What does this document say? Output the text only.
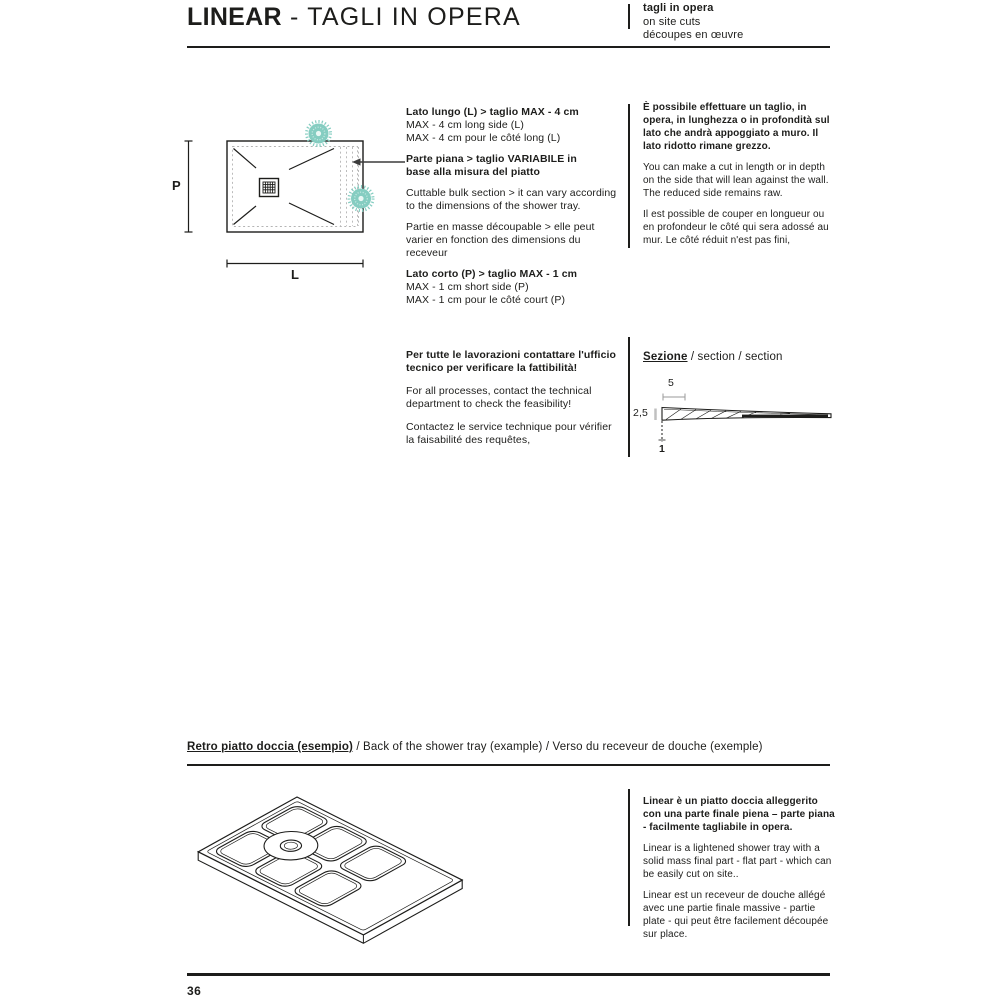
LINEAR - TAGLI IN OPERA	tagli in opera
on site cuts
découpes en œuvre
P
L
Lato lungo (L) > taglio MAX - 4 cm
MAX - 4 cm long side (L)
MAX - 4 cm pour le côté long (L)

Parte piana > taglio VARIABILE in base alla misura del piatto

Cuttable bulk section > it can vary according to the dimensions of the shower tray.

Partie en masse découpable > elle peut varier en fonction des dimensions du receveur

Lato corto (P) > taglio MAX - 1 cm
MAX - 1 cm short side (P)
MAX - 1 cm pour le côté court (P)

Per tutte le lavorazioni contattare l'ufficio tecnico per verificare la fattibilità!

For all processes, contact the technical department to check the feasibility!

Contactez le service technique pour vérifier la faisabilité des requêtes,

È possibile effettuare un taglio, in opera, in lunghezza o in profondità sul lato che andrà appoggiato a muro. Il lato ridotto rimane grezzo.

You can make a cut in length or in depth on the side that will lean against the wall. The reduced side remains raw.

Il est possible de couper en longueur ou en profondeur le côté qui sera adossé au mur. Le côté réduit n'est pas fini,

Sezione / section / section
5
2,5
1
Retro piatto doccia (esempio) / Back of the shower tray (example) / Verso du receveur de douche (exemple)

Linear è un piatto doccia alleggerito con una parte finale piena – parte piana - facilmente tagliabile in opera.

Linear is a lightened shower tray with a solid mass final part - flat part - which can be easily cut on site..

Linear est un receveur de douche allégé avec une partie finale massive - partie plate - qui peut être facilement découpée sur place.

36
